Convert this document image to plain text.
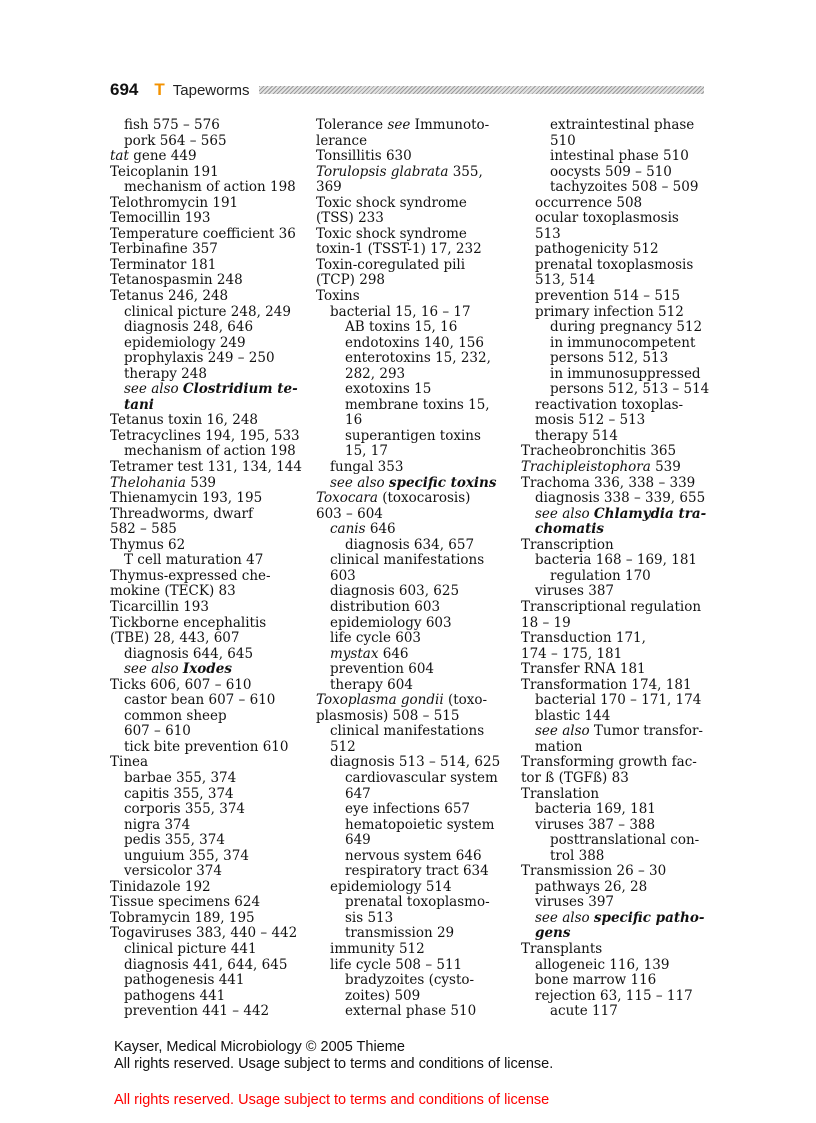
694 T Tapeworms
fish 575 – 576
pork 564 – 565
tat gene 449
Teicoplanin 191
mechanism of action 198
Telothromycin 191
Temocillin 193
Temperature coefficient 36
Terbinafine 357
Terminator 181
Tetanospasmin 248
Tetanus 246, 248
clinical picture 248, 249
diagnosis 248, 646
epidemiology 249
prophylaxis 249 – 250
therapy 248
see also Clostridium te-
tani
Tetanus toxin 16, 248
Tetracyclines 194, 195, 533
mechanism of action 198
Tetramer test 131, 134, 144
Thelohania 539
Thienamycin 193, 195
Threadworms, dwarf
582 – 585
Thymus 62
T cell maturation 47
Thymus-expressed che-
mokine (TECK) 83
Ticarcillin 193
Tickborne encephalitis
(TBE) 28, 443, 607
diagnosis 644, 645
see also Ixodes
Ticks 606, 607 – 610
castor bean 607 – 610
common sheep
607 – 610
tick bite prevention 610
Tinea
barbae 355, 374
capitis 355, 374
corporis 355, 374
nigra 374
pedis 355, 374
unguium 355, 374
versicolor 374
Tinidazole 192
Tissue specimens 624
Tobramycin 189, 195
Togaviruses 383, 440 – 442
clinical picture 441
diagnosis 441, 644, 645
pathogenesis 441
pathogens 441
prevention 441 – 442
Tolerance see Immunoto-
lerance
Tonsillitis 630
Torulopsis glabrata 355,
369
Toxic shock syndrome
(TSS) 233
Toxic shock syndrome
toxin-1 (TSST-1) 17, 232
Toxin-coregulated pili
(TCP) 298
Toxins
bacterial 15, 16 – 17
AB toxins 15, 16
endotoxins 140, 156
enterotoxins 15, 232,
282, 293
exotoxins 15
membrane toxins 15,
16
superantigen toxins
15, 17
fungal 353
see also specific toxins
Toxocara (toxocarosis)
603 – 604
canis 646
diagnosis 634, 657
clinical manifestations
603
diagnosis 603, 625
distribution 603
epidemiology 603
life cycle 603
mystax 646
prevention 604
therapy 604
Toxoplasma gondii (toxo-
plasmosis) 508 – 515
clinical manifestations
512
diagnosis 513 – 514, 625
cardiovascular system
647
eye infections 657
hematopoietic system
649
nervous system 646
respiratory tract 634
epidemiology 514
prenatal toxoplasmo-
sis 513
transmission 29
immunity 512
life cycle 508 – 511
bradyzoites (cysto-
zoites) 509
external phase 510
extraintestinal phase
510
intestinal phase 510
oocysts 509 – 510
tachyzoites 508 – 509
occurrence 508
ocular toxoplasmosis
513
pathogenicity 512
prenatal toxoplasmosis
513, 514
prevention 514 – 515
primary infection 512
during pregnancy 512
in immunocompetent
persons 512, 513
in immunosuppressed
persons 512, 513 – 514
reactivation toxoplas-
mosis 512 – 513
therapy 514
Tracheobronchitis 365
Trachipleistophora 539
Trachoma 336, 338 – 339
diagnosis 338 – 339, 655
see also Chlamydia tra-
chomatis
Transcription
bacteria 168 – 169, 181
regulation 170
viruses 387
Transcriptional regulation
18 – 19
Transduction 171,
174 – 175, 181
Transfer RNA 181
Transformation 174, 181
bacterial 170 – 171, 174
blastic 144
see also Tumor transfor-
mation
Transforming growth fac-
tor ß (TGFß) 83
Translation
bacteria 169, 181
viruses 387 – 388
posttranslational con-
trol 388
Transmission 26 – 30
pathways 26, 28
viruses 397
see also specific patho-
gens
Transplants
allogeneic 116, 139
bone marrow 116
rejection 63, 115 – 117
acute 117
Kayser, Medical Microbiology © 2005 Thieme
All rights reserved. Usage subject to terms and conditions of license.
All rights reserved. Usage subject to terms and conditions of license
